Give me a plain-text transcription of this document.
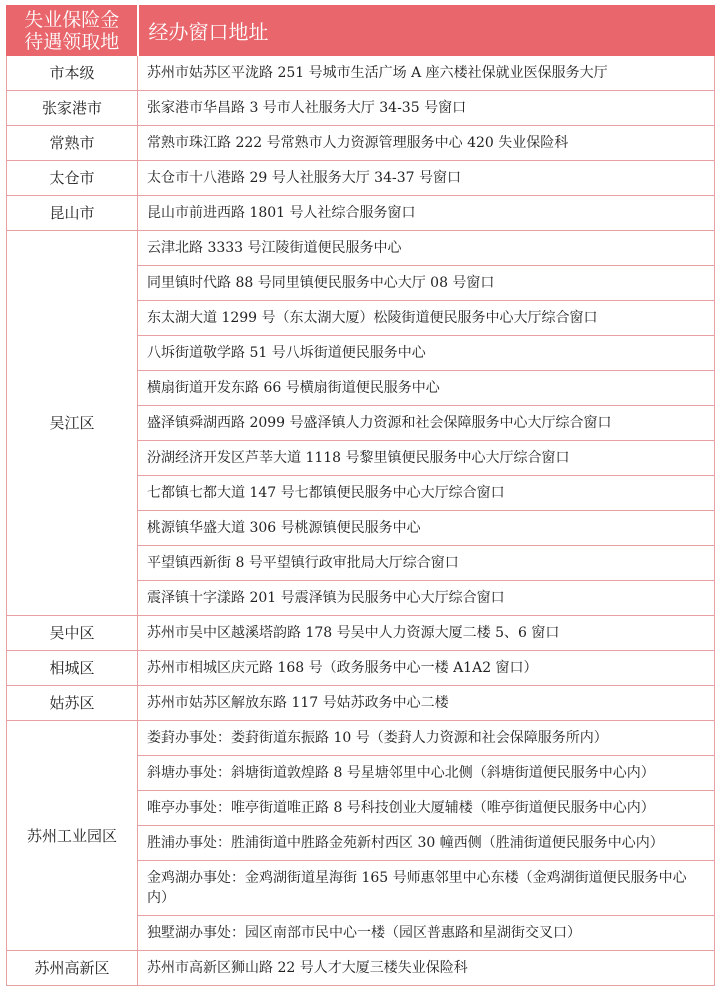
失业保险金
待遇领取地	经办窗口地址
市本级	苏州市姑苏区平泷路 251 号城市生活广场 A 座六楼社保就业医保服务大厅
张家港市	张家港市华昌路 3 号市人社服务大厅 34-35 号窗口
常熟市	常熟市珠江路 222 号常熟市人力资源管理服务中心 420 失业保险科
太仓市	太仓市十八港路 29 号人社服务大厅 34-37 号窗口
昆山市	昆山市前进西路 1801 号人社综合服务窗口
吴江区	云津北路 3333 号江陵街道便民服务中心
	同里镇时代路 88 号同里镇便民服务中心大厅 08 号窗口
	东太湖大道 1299 号（东太湖大厦）松陵街道便民服务中心大厅综合窗口
	八坼街道敬学路 51 号八坼街道便民服务中心
	横扇街道开发东路 66 号横扇街道便民服务中心
	盛泽镇舜湖西路 2099 号盛泽镇人力资源和社会保障服务中心大厅综合窗口
	汾湖经济开发区芦莘大道 1118 号黎里镇便民服务中心大厅综合窗口
	七都镇七都大道 147 号七都镇便民服务中心大厅综合窗口
	桃源镇华盛大道 306 号桃源镇便民服务中心
	平望镇西新街 8 号平望镇行政审批局大厅综合窗口
	震泽镇十字漾路 201 号震泽镇为民服务中心大厅综合窗口
吴中区	苏州市吴中区越溪塔韵路 178 号吴中人力资源大厦二楼 5、6 窗口
相城区	苏州市相城区庆元路 168 号（政务服务中心一楼 A1A2 窗口）
姑苏区	苏州市姑苏区解放东路 117 号姑苏政务中心二楼
苏州工业园区	娄葑办事处：娄葑街道东振路 10 号（娄葑人力资源和社会保障服务所内）
	斜塘办事处：斜塘街道敦煌路 8 号星塘邻里中心北侧（斜塘街道便民服务中心内）
	唯亭办事处：唯亭街道唯正路 8 号科技创业大厦辅楼（唯亭街道便民服务中心内）
	胜浦办事处：胜浦街道中胜路金苑新村西区 30 幢西侧（胜浦街道便民服务中心内）
	金鸡湖办事处：金鸡湖街道星海街 165 号师惠邻里中心东楼（金鸡湖街道便民服务中心内）
	独墅湖办事处：园区南部市民中心一楼（园区普惠路和星湖街交叉口）
苏州高新区	苏州市高新区狮山路 22 号人才大厦三楼失业保险科
